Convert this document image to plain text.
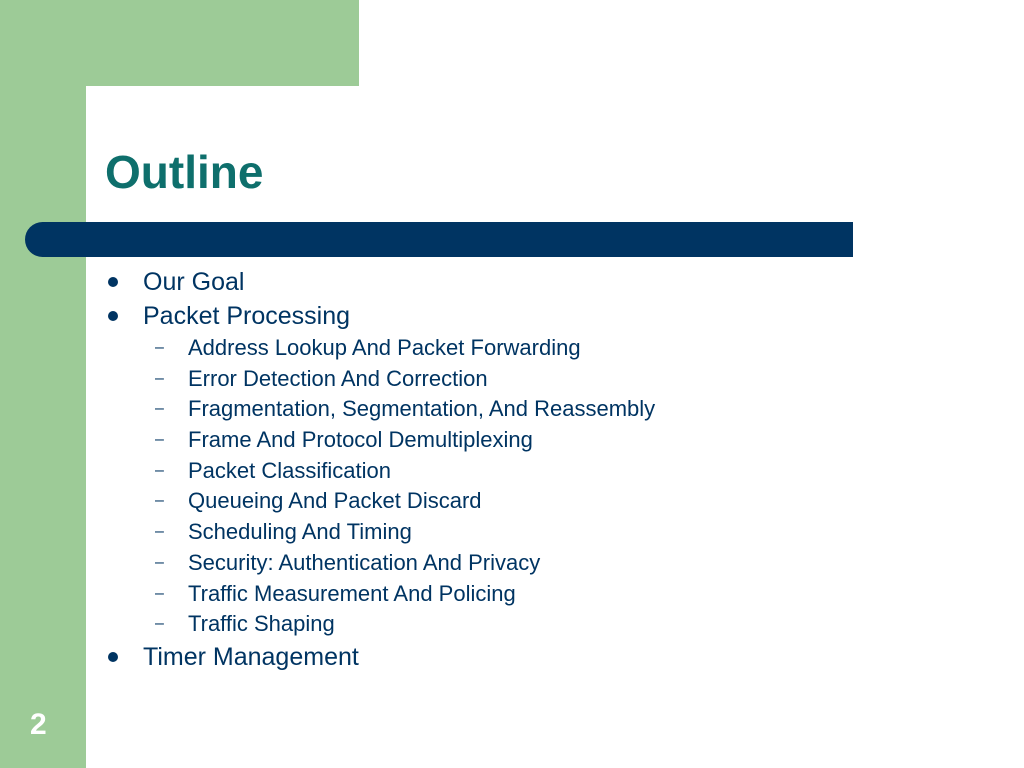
Outline
Our Goal
Packet Processing
– Address Lookup And Packet Forwarding
– Error Detection And Correction
– Fragmentation, Segmentation, And Reassembly
– Frame And Protocol Demultiplexing
– Packet Classification
– Queueing And Packet Discard
– Scheduling And Timing
– Security: Authentication And Privacy
– Traffic Measurement And Policing
– Traffic Shaping
Timer Management
2
